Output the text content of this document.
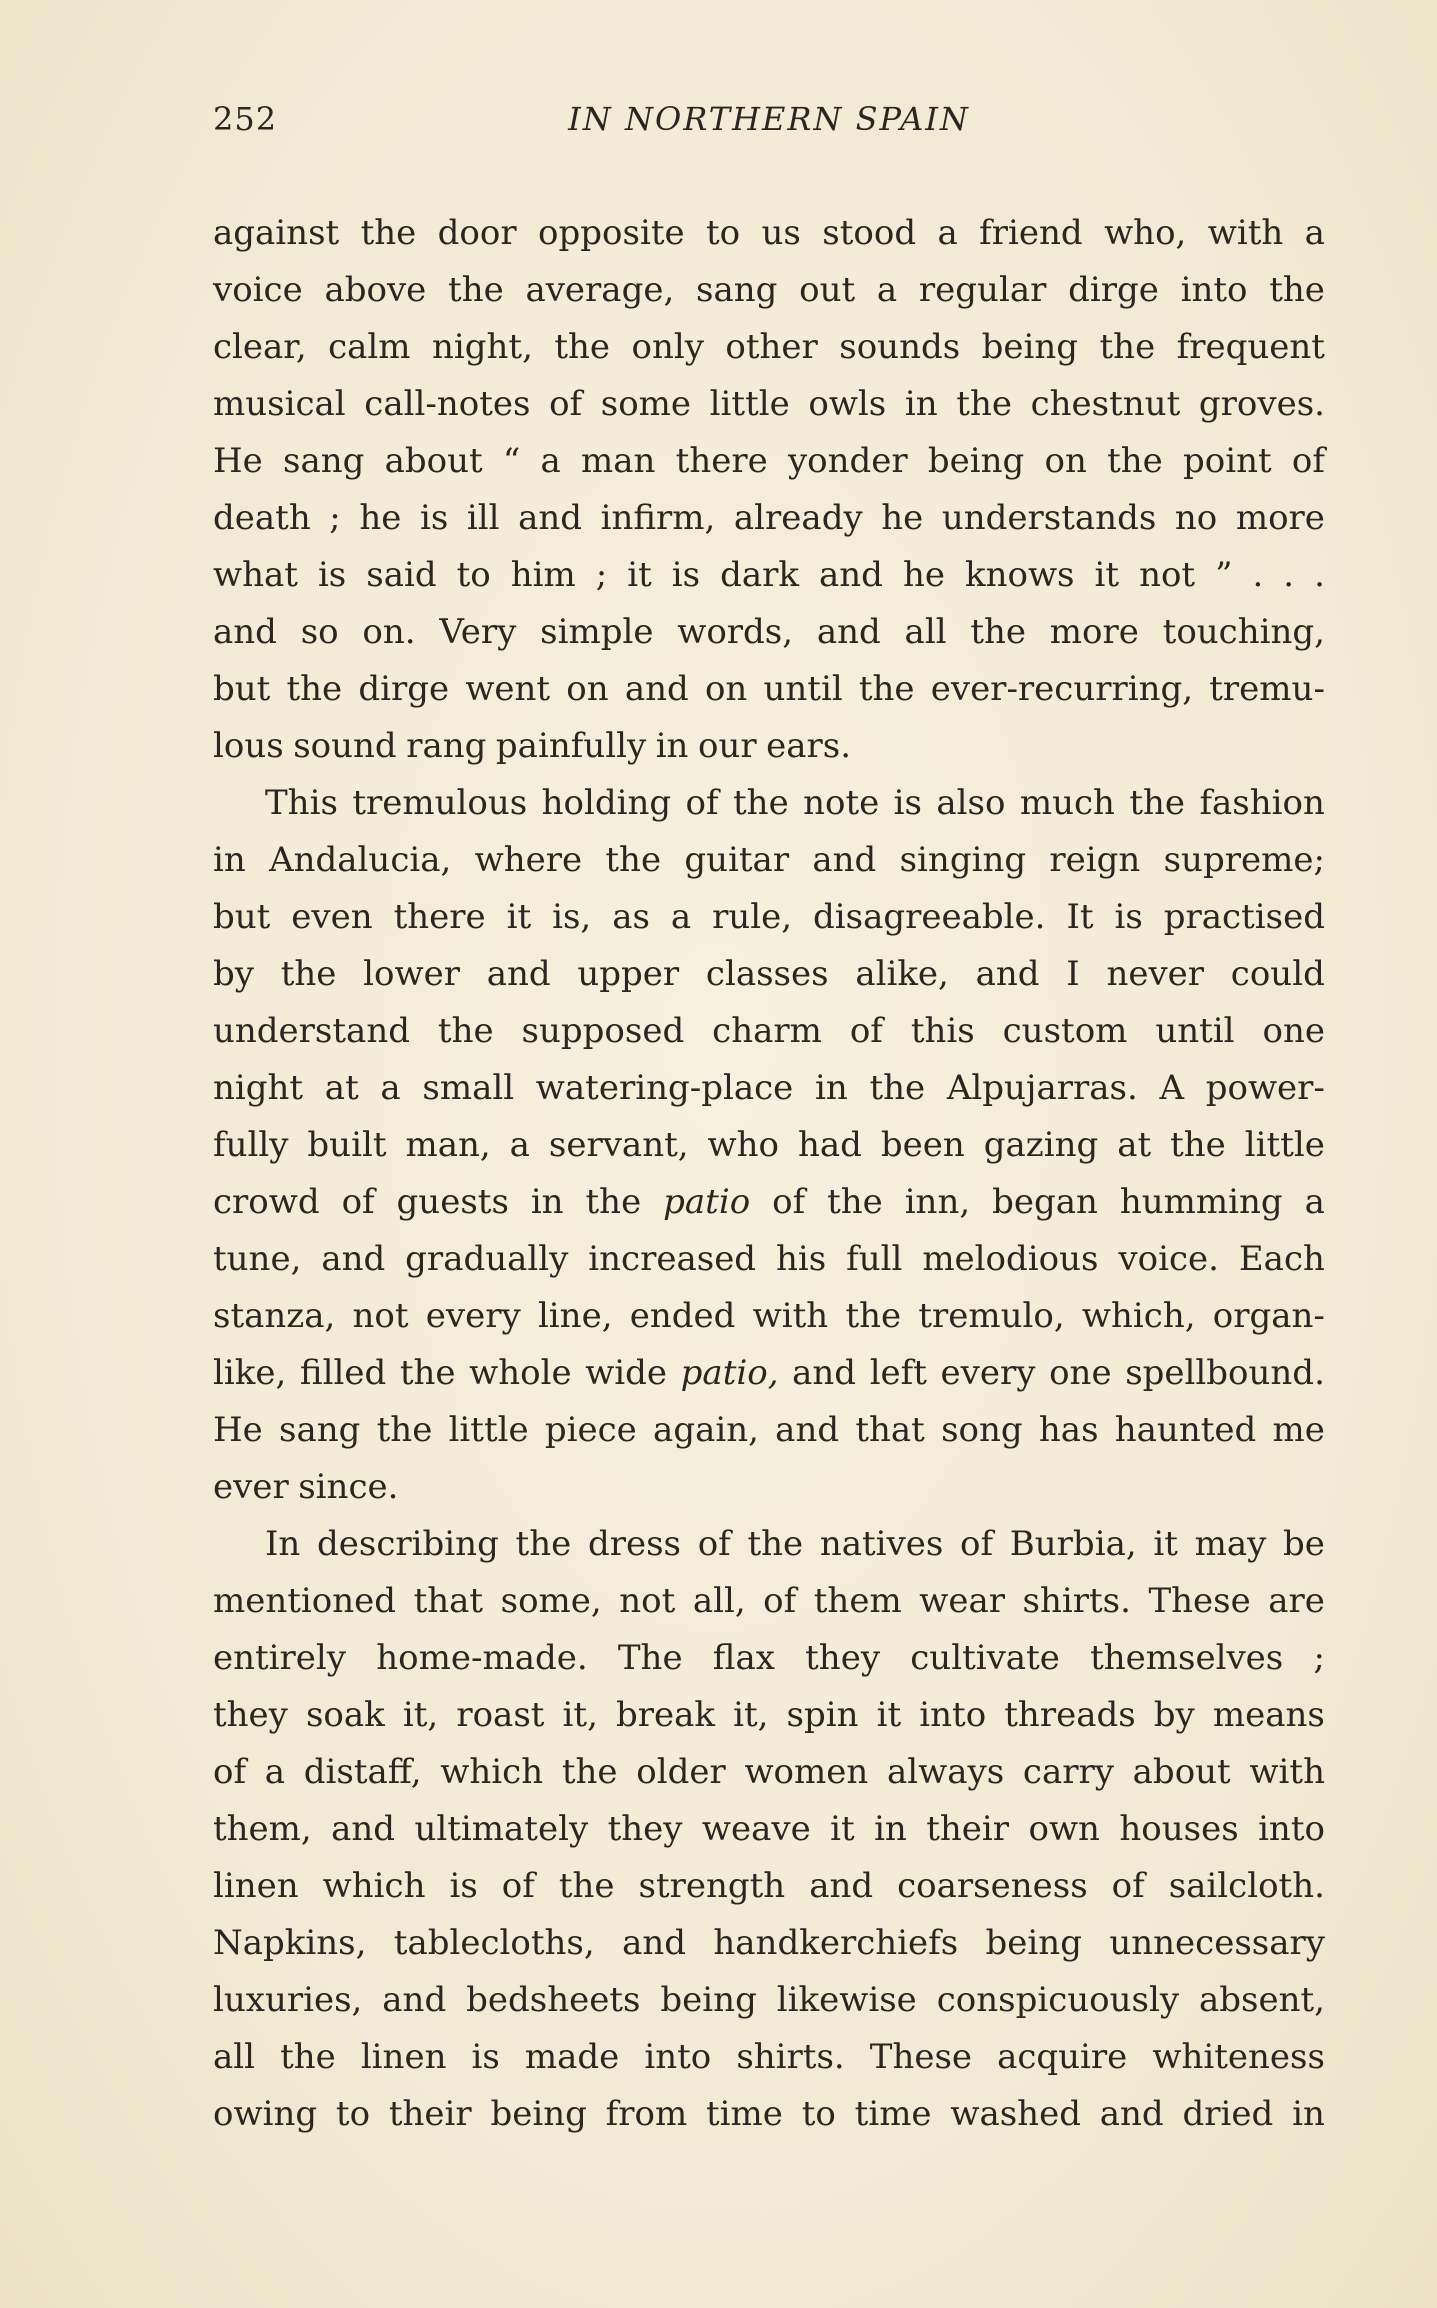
252	IN NORTHERN SPAIN
against the door opposite to us stood a friend who, with a
voice above the average, sang out a regular dirge into the
clear, calm night, the only other sounds being the frequent
musical call-notes of some little owls in the chestnut groves.
He sang about “ a man there yonder being on the point of
death ; he is ill and infirm, already he understands no more
what is said to him ; it is dark and he knows it not ” . . .
and so on. Very simple words, and all the more touching,
but the dirge went on and on until the ever-recurring, tremu-
lous sound rang painfully in our ears.
This tremulous holding of the note is also much the fashion
in Andalucia, where the guitar and singing reign supreme;
but even there it is, as a rule, disagreeable. It is practised
by the lower and upper classes alike, and I never could
understand the supposed charm of this custom until one
night at a small watering-place in the Alpujarras. A power-
fully built man, a servant, who had been gazing at the little
crowd of guests in the patio of the inn, began humming a
tune, and gradually increased his full melodious voice. Each
stanza, not every line, ended with the tremulo, which, organ-
like, filled the whole wide patio, and left every one spellbound.
He sang the little piece again, and that song has haunted me
ever since.
In describing the dress of the natives of Burbia, it may be
mentioned that some, not all, of them wear shirts. These are
entirely home-made. The flax they cultivate themselves ;
they soak it, roast it, break it, spin it into threads by means
of a distaff, which the older women always carry about with
them, and ultimately they weave it in their own houses into
linen which is of the strength and coarseness of sailcloth.
Napkins, tablecloths, and handkerchiefs being unnecessary
luxuries, and bedsheets being likewise conspicuously absent,
all the linen is made into shirts. These acquire whiteness
owing to their being from time to time washed and dried in
